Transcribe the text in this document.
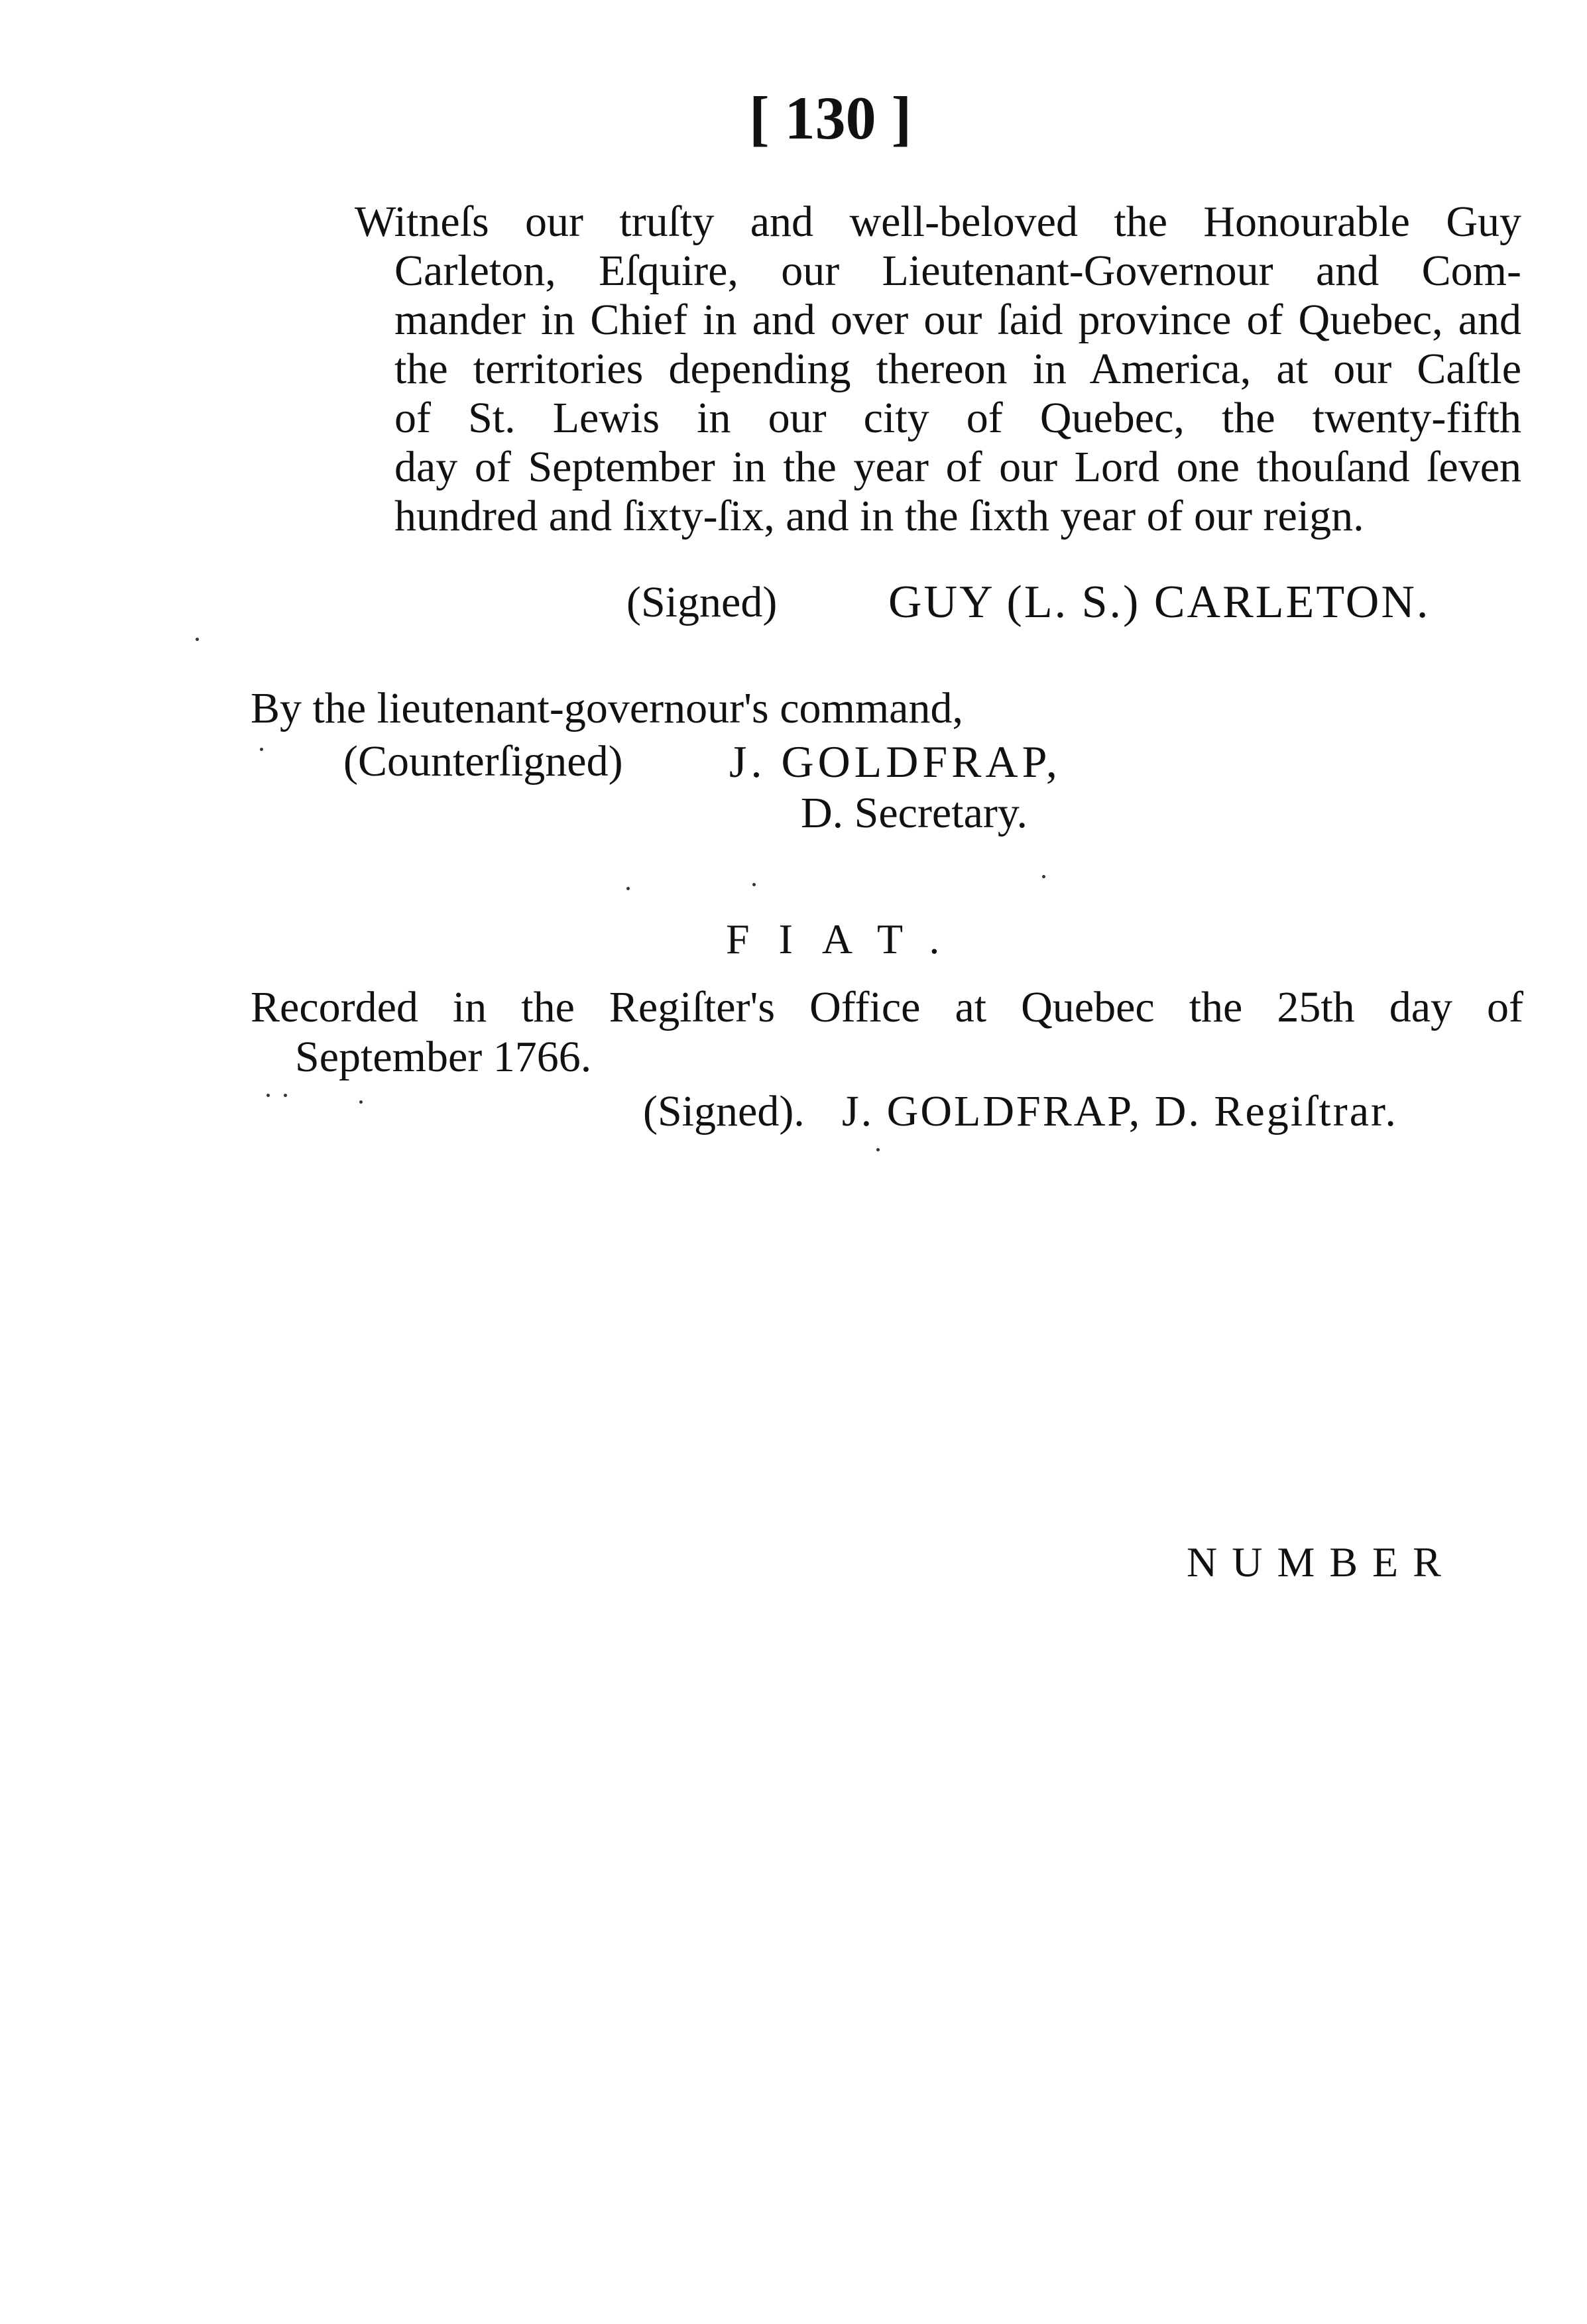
[ 130 ]
Witneſs our truſty and well-beloved the Honourable Guy
Carleton, Eſquire, our Lieutenant-Governour and Com-
mander in Chief in and over our ſaid province of Quebec, and
the territories depending thereon in America, at our Caſtle
of St. Lewis in our city of Quebec, the twenty-fifth
day of September in the year of our Lord one thouſand ſeven
hundred and ſixty-ſix, and in the ſixth year of our reign.
(Signed) GUY (L. S.) CARLETON.
By the lieutenant-governour's command,
(Counterſigned) J. GOLDFRAP,
D. Secretary.
FIAT.
Recorded in the Regiſter's Office at Quebec the 25th day of
September 1766.
(Signed). J. GOLDFRAP, D. Regiſtrar.
NUMBER
